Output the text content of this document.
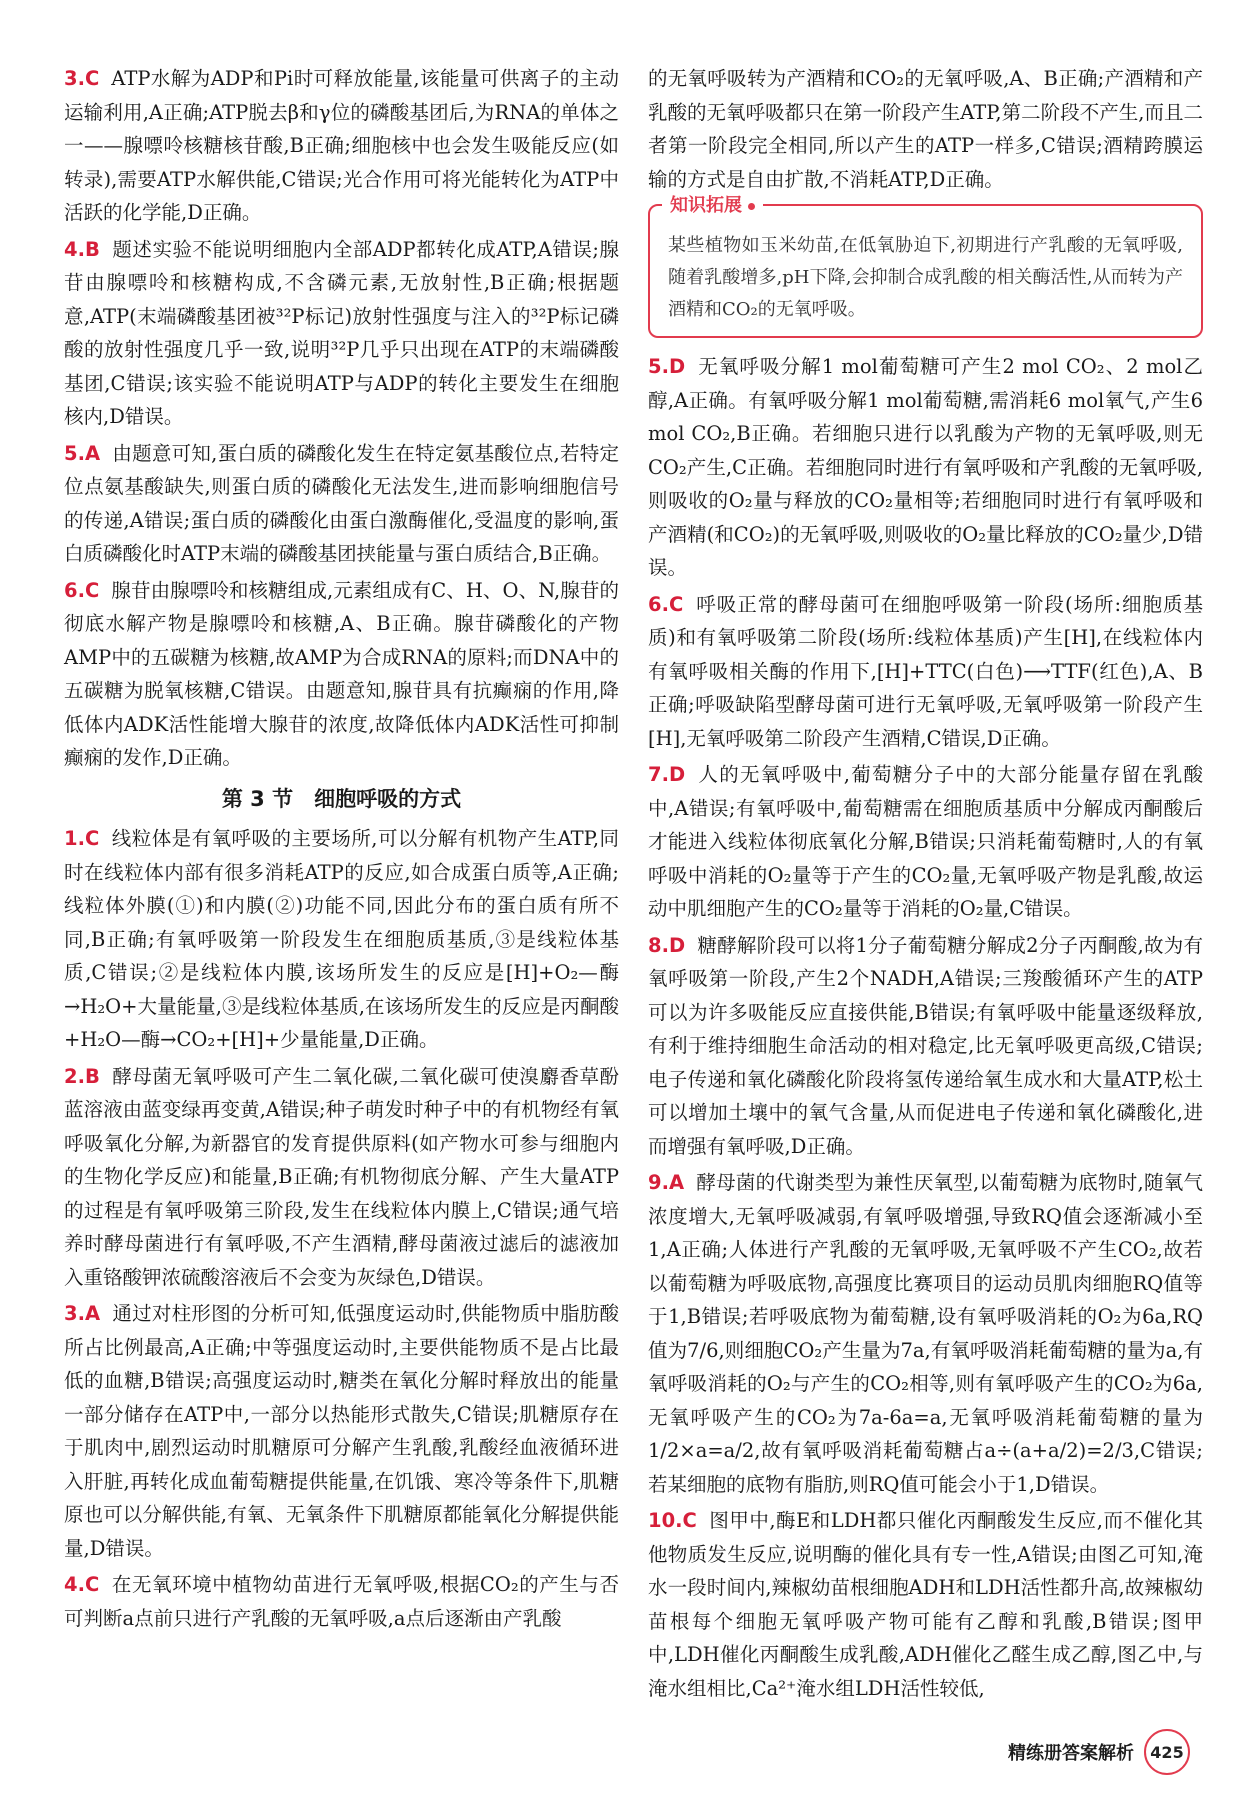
3.C ATP水解为ADP和Pi时可释放能量,该能量可供离子的主动运输利用,A正确;ATP脱去β和γ位的磷酸基团后,为RNA的单体之一——腺嘌呤核糖核苷酸,B正确;细胞核中也会发生吸能反应(如转录),需要ATP水解供能,C错误;光合作用可将光能转化为ATP中活跃的化学能,D正确。

4.B 题述实验不能说明细胞内全部ADP都转化成ATP,A错误;腺苷由腺嘌呤和核糖构成,不含磷元素,无放射性,B正确;根据题意,ATP(末端磷酸基团被³²P标记)放射性强度与注入的³²P标记磷酸的放射性强度几乎一致,说明³²P几乎只出现在ATP的末端磷酸基团,C错误;该实验不能说明ATP与ADP的转化主要发生在细胞核内,D错误。

5.A 由题意可知,蛋白质的磷酸化发生在特定氨基酸位点,若特定位点氨基酸缺失,则蛋白质的磷酸化无法发生,进而影响细胞信号的传递,A错误;蛋白质的磷酸化由蛋白激酶催化,受温度的影响,蛋白质磷酸化时ATP末端的磷酸基团挟能量与蛋白质结合,B正确。

6.C 腺苷由腺嘌呤和核糖组成,元素组成有C、H、O、N,腺苷的彻底水解产物是腺嘌呤和核糖,A、B正确。腺苷磷酸化的产物AMP中的五碳糖为核糖,故AMP为合成RNA的原料;而DNA中的五碳糖为脱氧核糖,C错误。由题意知,腺苷具有抗癫痫的作用,降低体内ADK活性能增大腺苷的浓度,故降低体内ADK活性可抑制癫痫的发作,D正确。

第 3 节　细胞呼吸的方式

1.C 线粒体是有氧呼吸的主要场所,可以分解有机物产生ATP,同时在线粒体内部有很多消耗ATP的反应,如合成蛋白质等,A正确;线粒体外膜(①)和内膜(②)功能不同,因此分布的蛋白质有所不同,B正确;有氧呼吸第一阶段发生在细胞质基质,③是线粒体基质,C错误;②是线粒体内膜,该场所发生的反应是[H]+O₂—酶→H₂O+大量能量,③是线粒体基质,在该场所发生的反应是丙酮酸+H₂O—酶→CO₂+[H]+少量能量,D正确。

2.B 酵母菌无氧呼吸可产生二氧化碳,二氧化碳可使溴麝香草酚蓝溶液由蓝变绿再变黄,A错误;种子萌发时种子中的有机物经有氧呼吸氧化分解,为新器官的发育提供原料(如产物水可参与细胞内的生物化学反应)和能量,B正确;有机物彻底分解、产生大量ATP的过程是有氧呼吸第三阶段,发生在线粒体内膜上,C错误;通气培养时酵母菌进行有氧呼吸,不产生酒精,酵母菌液过滤后的滤液加入重铬酸钾浓硫酸溶液后不会变为灰绿色,D错误。

3.A 通过对柱形图的分析可知,低强度运动时,供能物质中脂肪酸所占比例最高,A正确;中等强度运动时,主要供能物质不是占比最低的血糖,B错误;高强度运动时,糖类在氧化分解时释放出的能量一部分储存在ATP中,一部分以热能形式散失,C错误;肌糖原存在于肌肉中,剧烈运动时肌糖原可分解产生乳酸,乳酸经血液循环进入肝脏,再转化成血葡萄糖提供能量,在饥饿、寒冷等条件下,肌糖原也可以分解供能,有氧、无氧条件下肌糖原都能氧化分解提供能量,D错误。

4.C 在无氧环境中植物幼苗进行无氧呼吸,根据CO₂的产生与否可判断a点前只进行产乳酸的无氧呼吸,a点后逐渐由产乳酸

的无氧呼吸转为产酒精和CO₂的无氧呼吸,A、B正确;产酒精和产乳酸的无氧呼吸都只在第一阶段产生ATP,第二阶段不产生,而且二者第一阶段完全相同,所以产生的ATP一样多,C错误;酒精跨膜运输的方式是自由扩散,不消耗ATP,D正确。

知识拓展
某些植物如玉米幼苗,在低氧胁迫下,初期进行产乳酸的无氧呼吸,随着乳酸增多,pH下降,会抑制合成乳酸的相关酶活性,从而转为产酒精和CO₂的无氧呼吸。

5.D 无氧呼吸分解1 mol葡萄糖可产生2 mol CO₂、2 mol乙醇,A正确。有氧呼吸分解1 mol葡萄糖,需消耗6 mol氧气,产生6 mol CO₂,B正确。若细胞只进行以乳酸为产物的无氧呼吸,则无CO₂产生,C正确。若细胞同时进行有氧呼吸和产乳酸的无氧呼吸,则吸收的O₂量与释放的CO₂量相等;若细胞同时进行有氧呼吸和产酒精(和CO₂)的无氧呼吸,则吸收的O₂量比释放的CO₂量少,D错误。

6.C 呼吸正常的酵母菌可在细胞呼吸第一阶段(场所:细胞质基质)和有氧呼吸第二阶段(场所:线粒体基质)产生[H],在线粒体内有氧呼吸相关酶的作用下,[H]+TTC(白色)⟶TTF(红色),A、B正确;呼吸缺陷型酵母菌可进行无氧呼吸,无氧呼吸第一阶段产生[H],无氧呼吸第二阶段产生酒精,C错误,D正确。

7.D 人的无氧呼吸中,葡萄糖分子中的大部分能量存留在乳酸中,A错误;有氧呼吸中,葡萄糖需在细胞质基质中分解成丙酮酸后才能进入线粒体彻底氧化分解,B错误;只消耗葡萄糖时,人的有氧呼吸中消耗的O₂量等于产生的CO₂量,无氧呼吸产物是乳酸,故运动中肌细胞产生的CO₂量等于消耗的O₂量,C错误。

8.D 糖酵解阶段可以将1分子葡萄糖分解成2分子丙酮酸,故为有氧呼吸第一阶段,产生2个NADH,A错误;三羧酸循环产生的ATP可以为许多吸能反应直接供能,B错误;有氧呼吸中能量逐级释放,有利于维持细胞生命活动的相对稳定,比无氧呼吸更高级,C错误;电子传递和氧化磷酸化阶段将氢传递给氧生成水和大量ATP,松土可以增加土壤中的氧气含量,从而促进电子传递和氧化磷酸化,进而增强有氧呼吸,D正确。

9.A 酵母菌的代谢类型为兼性厌氧型,以葡萄糖为底物时,随氧气浓度增大,无氧呼吸减弱,有氧呼吸增强,导致RQ值会逐渐减小至1,A正确;人体进行产乳酸的无氧呼吸,无氧呼吸不产生CO₂,故若以葡萄糖为呼吸底物,高强度比赛项目的运动员肌肉细胞RQ值等于1,B错误;若呼吸底物为葡萄糖,设有氧呼吸消耗的O₂为6a,RQ值为7/6,则细胞CO₂产生量为7a,有氧呼吸消耗葡萄糖的量为a,有氧呼吸消耗的O₂与产生的CO₂相等,则有氧呼吸产生的CO₂为6a,无氧呼吸产生的CO₂为7a-6a=a,无氧呼吸消耗葡萄糖的量为1/2×a=a/2,故有氧呼吸消耗葡萄糖占a÷(a+a/2)=2/3,C错误;若某细胞的底物有脂肪,则RQ值可能会小于1,D错误。

10.C 图甲中,酶E和LDH都只催化丙酮酸发生反应,而不催化其他物质发生反应,说明酶的催化具有专一性,A错误;由图乙可知,淹水一段时间内,辣椒幼苗根细胞ADH和LDH活性都升高,故辣椒幼苗根每个细胞无氧呼吸产物可能有乙醇和乳酸,B错误;图甲中,LDH催化丙酮酸生成乳酸,ADH催化乙醛生成乙醇,图乙中,与淹水组相比,Ca²⁺淹水组LDH活性较低,

精练册答案解析	425
